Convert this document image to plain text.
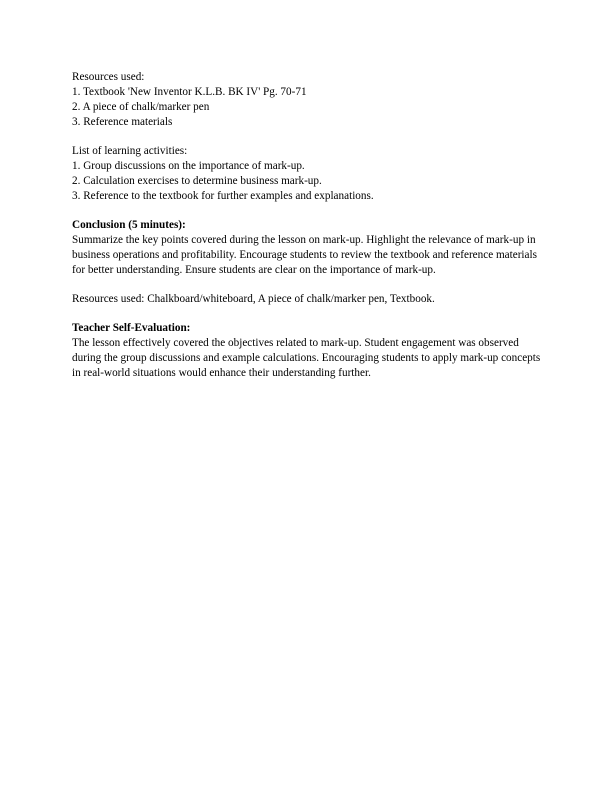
Resources used:
1. Textbook 'New Inventor K.L.B. BK IV' Pg. 70-71
2. A piece of chalk/marker pen
3. Reference materials
List of learning activities:
1. Group discussions on the importance of mark-up.
2. Calculation exercises to determine business mark-up.
3. Reference to the textbook for further examples and explanations.
Conclusion (5 minutes):
Summarize the key points covered during the lesson on mark-up. Highlight the relevance of mark-up in business operations and profitability. Encourage students to review the textbook and reference materials for better understanding. Ensure students are clear on the importance of mark-up.
Resources used: Chalkboard/whiteboard, A piece of chalk/marker pen, Textbook.
Teacher Self-Evaluation:
The lesson effectively covered the objectives related to mark-up. Student engagement was observed during the group discussions and example calculations. Encouraging students to apply mark-up concepts in real-world situations would enhance their understanding further.
